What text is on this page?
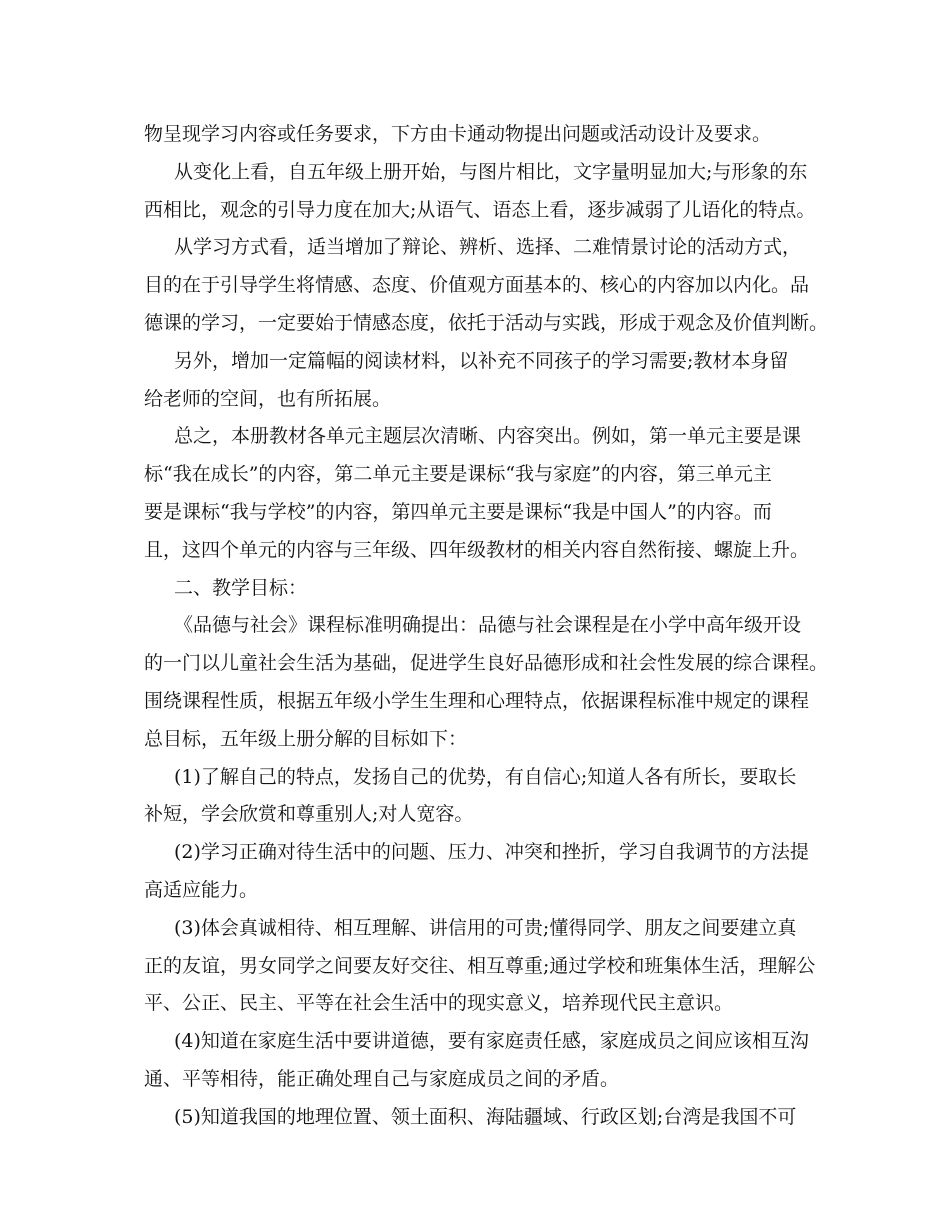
物呈现学习内容或任务要求，下方由卡通动物提出问题或活动设计及要求。
从变化上看，自五年级上册开始，与图片相比，文字量明显加大;与形象的东
西相比，观念的引导力度在加大;从语气、语态上看，逐步减弱了儿语化的特点。
从学习方式看，适当增加了辩论、辨析、选择、二难情景讨论的活动方式，
目的在于引导学生将情感、态度、价值观方面基本的、核心的内容加以内化。品
德课的学习，一定要始于情感态度，依托于活动与实践，形成于观念及价值判断。
另外，增加一定篇幅的阅读材料，以补充不同孩子的学习需要;教材本身留
给老师的空间，也有所拓展。
总之，本册教材各单元主题层次清晰、内容突出。例如，第一单元主要是课
标“我在成长”的内容，第二单元主要是课标“我与家庭”的内容，第三单元主
要是课标“我与学校”的内容，第四单元主要是课标“我是中国人”的内容。而
且，这四个单元的内容与三年级、四年级教材的相关内容自然衔接、螺旋上升。
二、教学目标：
《品德与社会》课程标准明确提出：品德与社会课程是在小学中高年级开设
的一门以儿童社会生活为基础，促进学生良好品德形成和社会性发展的综合课程。
围绕课程性质，根据五年级小学生生理和心理特点，依据课程标准中规定的课程
总目标，五年级上册分解的目标如下：
(1)了解自己的特点，发扬自己的优势，有自信心;知道人各有所长，要取长
补短，学会欣赏和尊重别人;对人宽容。
(2)学习正确对待生活中的问题、压力、冲突和挫折，学习自我调节的方法提
高适应能力。
(3)体会真诚相待、相互理解、讲信用的可贵;懂得同学、朋友之间要建立真
正的友谊，男女同学之间要友好交往、相互尊重;通过学校和班集体生活，理解公
平、公正、民主、平等在社会生活中的现实意义，培养现代民主意识。
(4)知道在家庭生活中要讲道德，要有家庭责任感，家庭成员之间应该相互沟
通、平等相待，能正确处理自己与家庭成员之间的矛盾。
(5)知道我国的地理位置、领土面积、海陆疆域、行政区划;台湾是我国不可
